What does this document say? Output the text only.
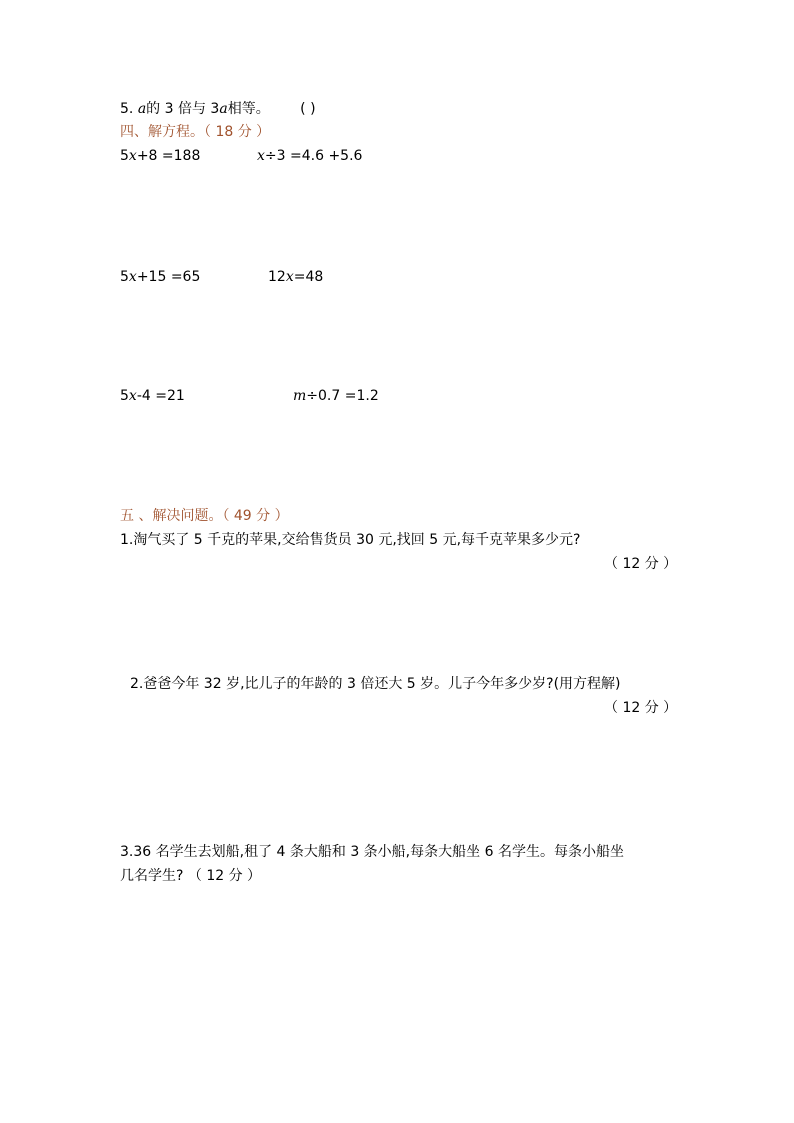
5. a的 3 倍与 3a相等。 ( )
四、解方程。（ 18 分 ）
5x+8 =188	x÷3 =4.6 +5.6
5x+15 =65	12x=48
5x-4 =21	m÷0.7 =1.2
五 、解决问题。（ 49 分 ）
1.淘气买了 5 千克的苹果,交给售货员 30 元,找回 5 元,每千克苹果多少元?
（ 12 分 ）
2.爸爸今年 32 岁,比儿子的年龄的 3 倍还大 5 岁。儿子今年多少岁?(用方程解)
（ 12 分 ）
3.36 名学生去划船,租了 4 条大船和 3 条小船,每条大船坐 6 名学生。每条小船坐
几名学生? （ 12 分 ）
